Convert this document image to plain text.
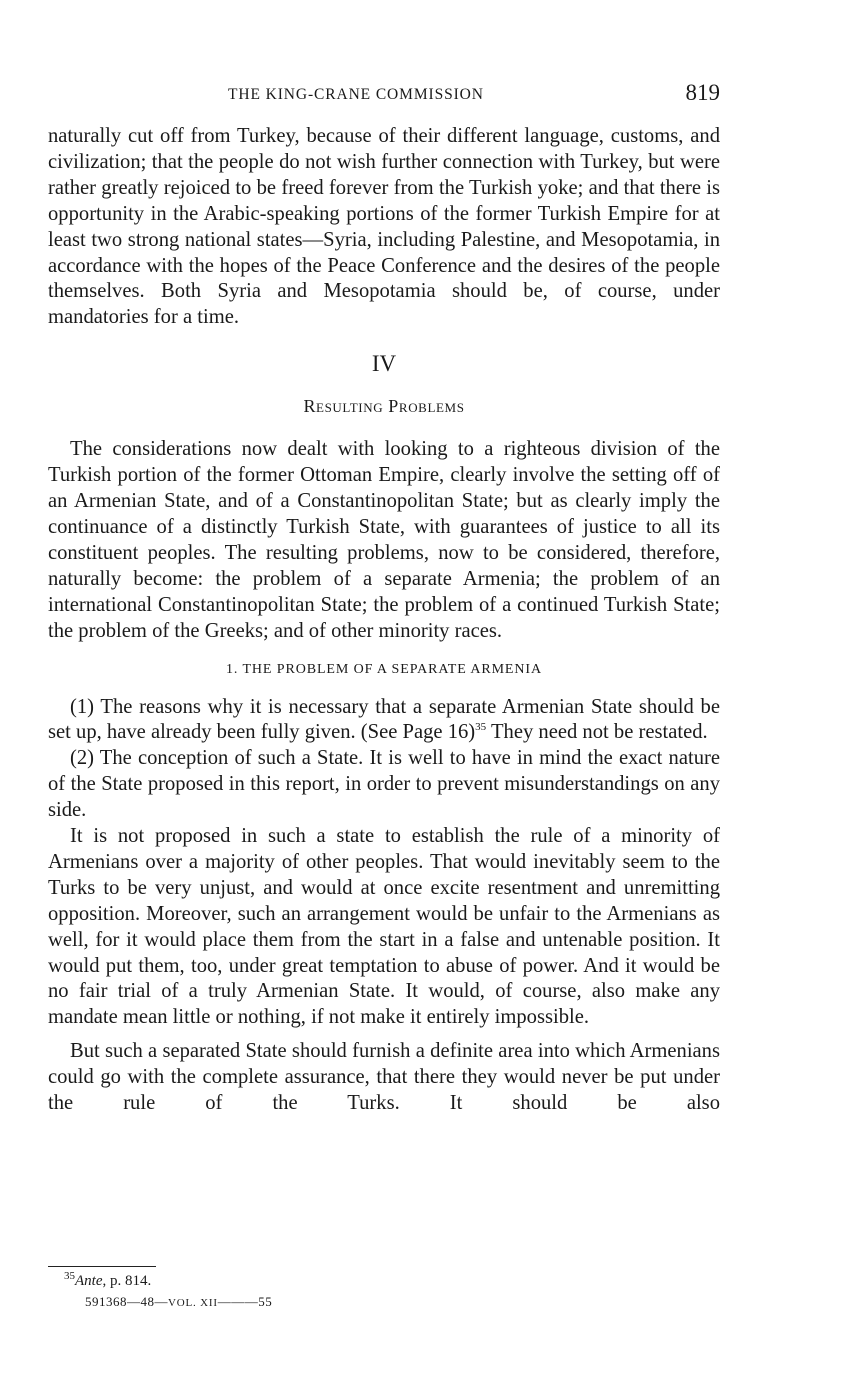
THE KING-CRANE COMMISSION	819

naturally cut off from Turkey, because of their different language, customs, and civilization; that the people do not wish further connection with Turkey, but were rather greatly rejoiced to be freed forever from the Turkish yoke; and that there is opportunity in the Arabic-speaking portions of the former Turkish Empire for at least two strong national states—Syria, including Palestine, and Mesopotamia, in accordance with the hopes of the Peace Conference and the desires of the people themselves. Both Syria and Mesopotamia should be, of course, under mandatories for a time.

IV
Resulting Problems

The considerations now dealt with looking to a righteous division of the Turkish portion of the former Ottoman Empire, clearly involve the setting off of an Armenian State, and of a Constantinopolitan State; but as clearly imply the continuance of a distinctly Turkish State, with guarantees of justice to all its constituent peoples. The resulting problems, now to be considered, therefore, naturally become: the problem of a separate Armenia; the problem of an international Constantinopolitan State; the problem of a continued Turkish State; the problem of the Greeks; and of other minority races.

1. THE PROBLEM OF A SEPARATE ARMENIA

(1) The reasons why it is necessary that a separate Armenian State should be set up, have already been fully given. (See Page 16)$^{35}$ They need not be restated.

(2) The conception of such a State. It is well to have in mind the exact nature of the State proposed in this report, in order to prevent misunderstandings on any side.

It is not proposed in such a state to establish the rule of a minority of Armenians over a majority of other peoples. That would inevitably seem to the Turks to be very unjust, and would at once excite resentment and unremitting opposition. Moreover, such an arrangement would be unfair to the Armenians as well, for it would place them from the start in a false and untenable position. It would put them, too, under great temptation to abuse of power. And it would be no fair trial of a truly Armenian State. It would, of course, also make any mandate mean little or nothing, if not make it entirely impossible.

But such a separated State should furnish a definite area into which Armenians could go with the complete assurance, that there they would never be put under the rule of the Turks. It should be also

$^{35}$Ante, p. 814.
591368—48—VOL. XII———55
